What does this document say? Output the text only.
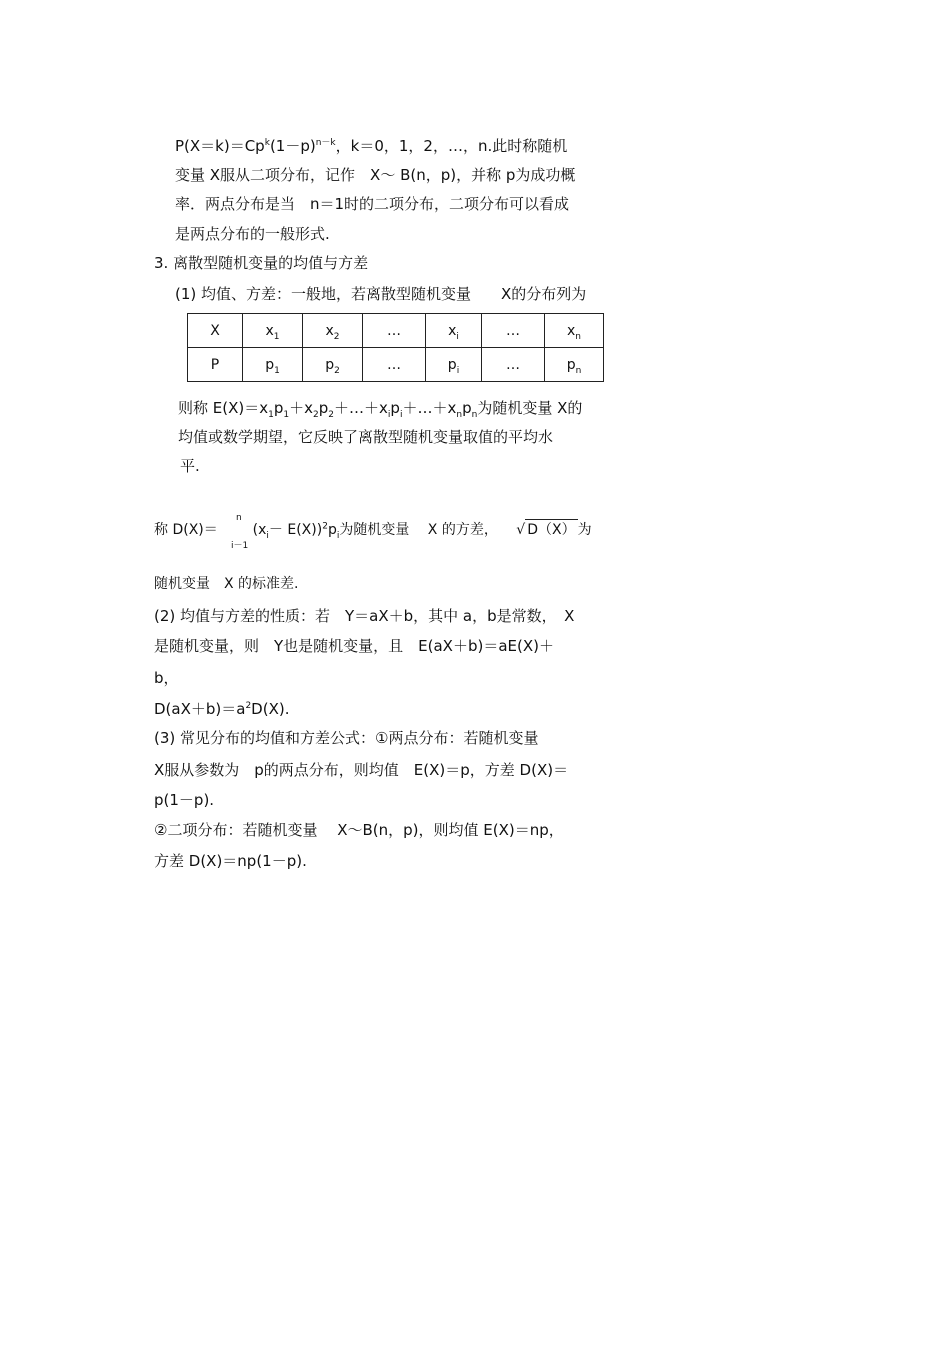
$P(X=k)=Cp^k(1-p)^{n-k}$，k＝0，1，2，…，n.此时称随机
变量 X服从二项分布，记作　X～ B(n，p)，并称 p为成功概
率．两点分布是当　n＝1时的二项分布，二项分布可以看成
是两点分布的一般形式.
3. 离散型随机变量的均值与方差
(1) 均值、方差：一般地，若离散型随机变量　　X的分布列为
X	$x_1$	$x_2$	…	$x_i$	…	$x_n$
P	$p_1$	$p_2$	…	$p_i$	…	$p_n$
则称 $E(X)=x_1p_1+x_2p_2+\dots+x_ip_i+\dots+x_np_n$为随机变量 X的
均值或数学期望，它反映了离散型随机变量取值的平均水
平.
称 $D(X)= (x_i- E(X))^2p_i$为随机变量　 X 的方差， √ D（X） 为
n
i－1
随机变量　X 的标准差.
(2) 均值与方差的性质：若　Y＝aX＋b，其中 a，b是常数，　X
是随机变量，则　Y也是随机变量，且　E(aX＋b)＝aE(X)＋
b，
$D(aX+b)=a^2D(X)$.
(3) 常见分布的均值和方差公式：①两点分布：若随机变量
X服从参数为　p的两点分布，则均值　E(X)＝p，方差 D(X)＝
p(1－p).
②二项分布：若随机变量　 X～B(n，p)，则均值 E(X)＝np，
方差 D(X)＝np(1－p).
